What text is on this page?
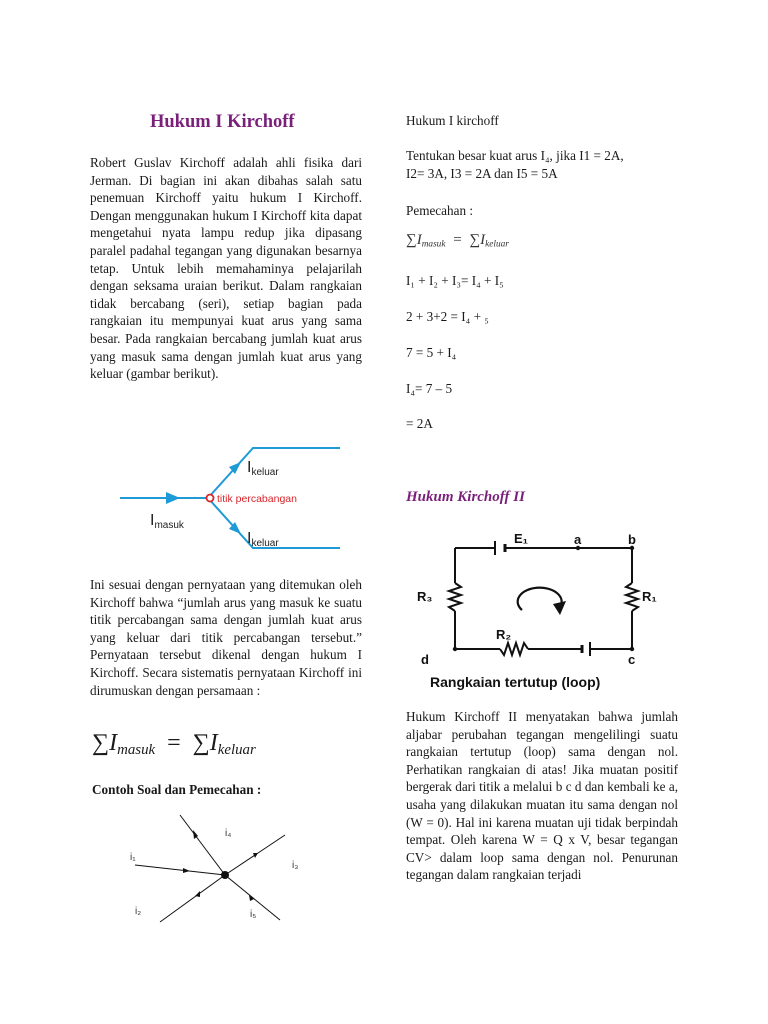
Hukum I Kirchoff
Robert Guslav Kirchoff adalah ahli fisika dari Jerman. Di bagian ini akan dibahas salah satu penemuan Kirchoff yaitu hukum I Kirchoff. Dengan menggunakan hukum I Kirchoff kita dapat mengetahui nyata lampu redup jika dipasang paralel padahal tegangan yang digunakan besarnya tetap. Untuk lebih memahaminya pelajarilah dengan seksama uraian berikut. Dalam rangkaian tidak bercabang (seri), setiap bagian pada rangkaian itu mempunyai kuat arus yang sama besar. Pada rangkaian bercabang jumlah kuat arus yang masuk sama dengan jumlah kuat arus yang keluar (gambar berikut).
Imasuk
Ikeluar
Ikeluar
titik percabangan
Ini sesuai dengan pernyataan yang ditemukan oleh Kirchoff bahwa “jumlah arus yang masuk ke suatu titik percabangan sama dengan jumlah kuat arus yang keluar dari titik percabangan tersebut.” Pernyataan tersebut dikenal dengan hukum I Kirchoff. Secara sistematis pernyataan Kirchoff ini dirumuskan dengan persamaan :
$\sum I_{masuk} = \sum I_{keluar}$
Contoh Soal dan Pemecahan :
i₄
i₁
i₃
i₂	i₅
Hukum I kirchoff
Tentukan besar kuat arus I₄, jika I1 = 2A,
I2= 3A, I3 = 2A dan I5 = 5A
Pemecahan :
$\sum I_{masuk} = \sum I_{keluar}$
I₁ + I₂ + I₃= I₄ + I₅
2 + 3+2 = I₄ + ₅
7 = 5 + I₄
I₄= 7 – 5
= 2A
Hukum Kirchoff II
E₁	a	b
c
d
R₁
R₂
R₃
Rangkaian tertutup (loop)
Hukum Kirchoff II menyatakan bahwa jumlah aljabar perubahan tegangan mengelilingi suatu rangkaian tertutup (loop) sama dengan nol. Perhatikan rangkaian di atas! Jika muatan positif bergerak dari titik a melalui b c d dan kembali ke a, usaha yang dilakukan muatan itu sama dengan nol (W = 0). Hal ini karena muatan uji tidak berpindah tempat. Oleh karena W = Q x V, besar tegangan CV> dalam loop sama dengan nol. Penurunan tegangan dalam rangkaian terjadi
